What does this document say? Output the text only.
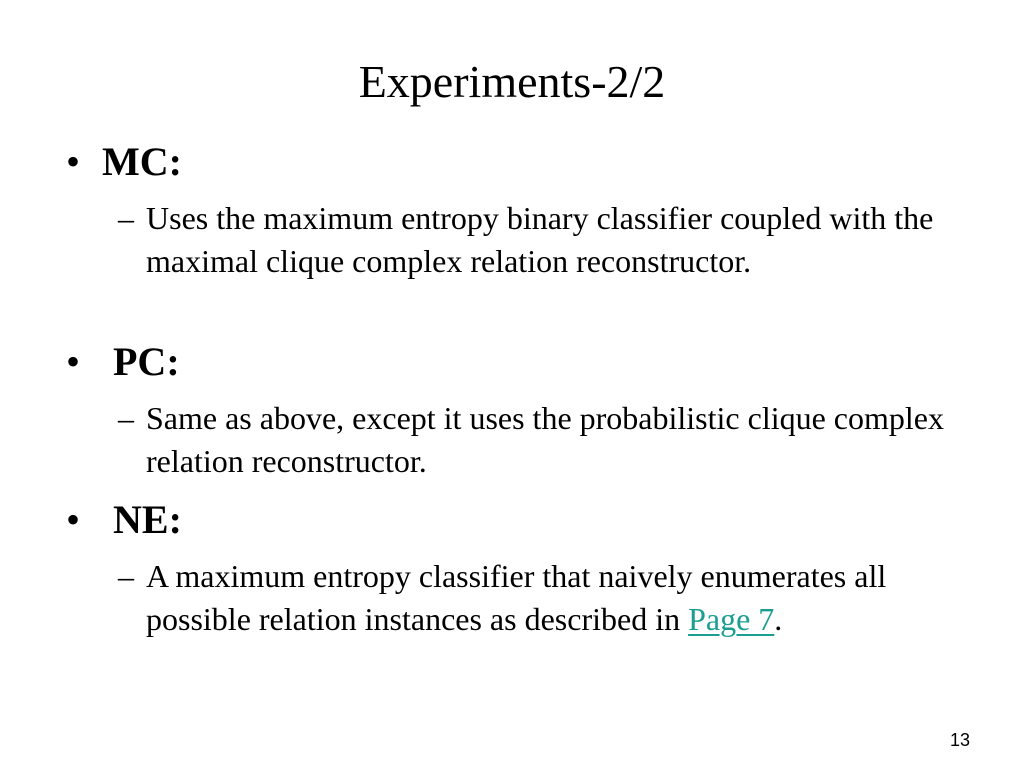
Experiments-2/2
• MC:
– Uses the maximum entropy binary classifier coupled with the maximal clique complex relation reconstructor.
• PC:
– Same as above, except it uses the probabilistic clique complex relation reconstructor.
• NE:
– A maximum entropy classifier that naively enumerates all possible relation instances as described in Page 7.
13
